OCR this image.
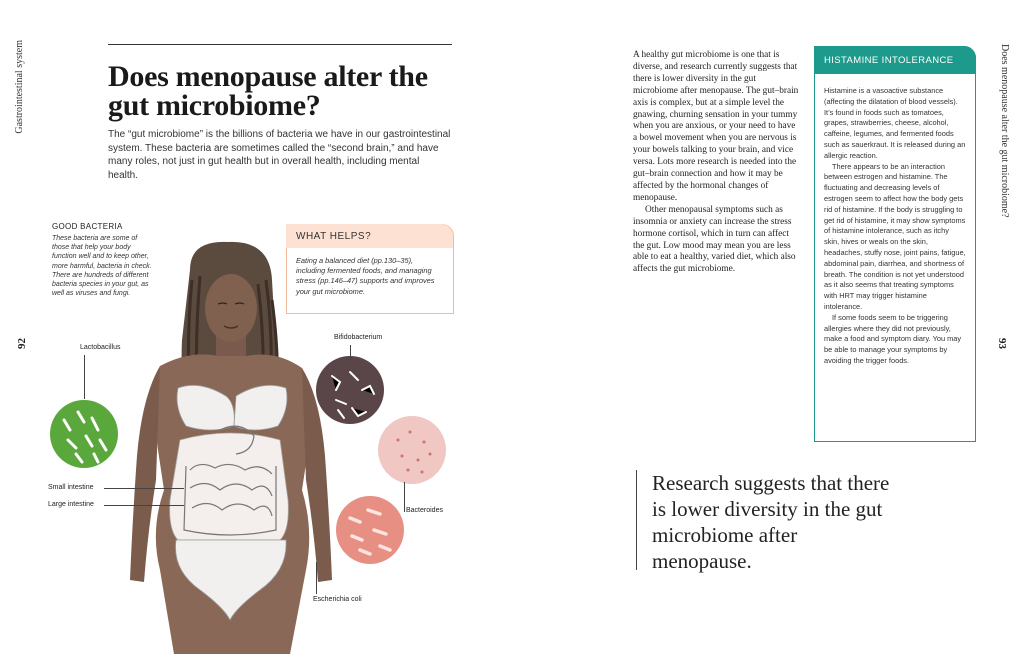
Gastrointestinal system
92
Does menopause alter the gut microbiome?
93
Does menopause alter the gut microbiome?
The “gut microbiome” is the billions of bacteria we have in our gastrointestinal system. These bacteria are sometimes called the “second brain,” and have many roles, not just in gut health but in overall health, including mental health.
GOOD BACTERIA
These bacteria are some of those that help your body function well and to keep other, more harmful, bacteria in check. There are hundreds of different bacteria species in your gut, as well as viruses and fungi.
Lactobacillus
Bifidobacterium
Small intestine
Large intestine
Bacteroides
Escherichia coli
WHAT HELPS?
Eating a balanced diet (pp.130–35), including fermented foods, and managing stress (pp.146–47) supports and improves your gut microbiome.

A healthy gut microbiome is one that is diverse, and research currently suggests that there is lower diversity in the gut microbiome after menopause. The gut–brain axis is complex, but at a simple level the gnawing, churning sensation in your tummy when you are anxious, or your need to have a bowel movement when you are nervous is your bowels talking to your brain, and vice versa. Lots more research is needed into the gut–brain connection and how it may be affected by the hormonal changes of menopause.

Other menopausal symptoms such as insomnia or anxiety can increase the stress hormone cortisol, which in turn can affect the gut. Low mood may mean you are less able to eat a healthy, varied diet, which also affects the gut microbiome.

HISTAMINE INTOLERANCE

Histamine is a vasoactive substance (affecting the dilatation of blood vessels). It’s found in foods such as tomatoes, grapes, strawberries, cheese, alcohol, caffeine, legumes, and fermented foods such as sauerkraut. It is released during an allergic reaction.

There appears to be an interaction between estrogen and histamine. The fluctuating and decreasing levels of estrogen seem to affect how the body gets rid of histamine. If the body is struggling to get rid of histamine, it may show symptoms of histamine intolerance, such as itchy skin, hives or weals on the skin, headaches, stuffy nose, joint pains, fatigue, abdominal pain, diarrhea, and shortness of breath. The condition is not yet understood as it also seems that treating symptoms with HRT may trigger histamine intolerance.

If some foods seem to be triggering allergies where they did not previously, make a food and symptom diary. You may be able to manage your symptoms by avoiding the trigger foods.

Research suggests that there is lower diversity in the gut microbiome after menopause.
